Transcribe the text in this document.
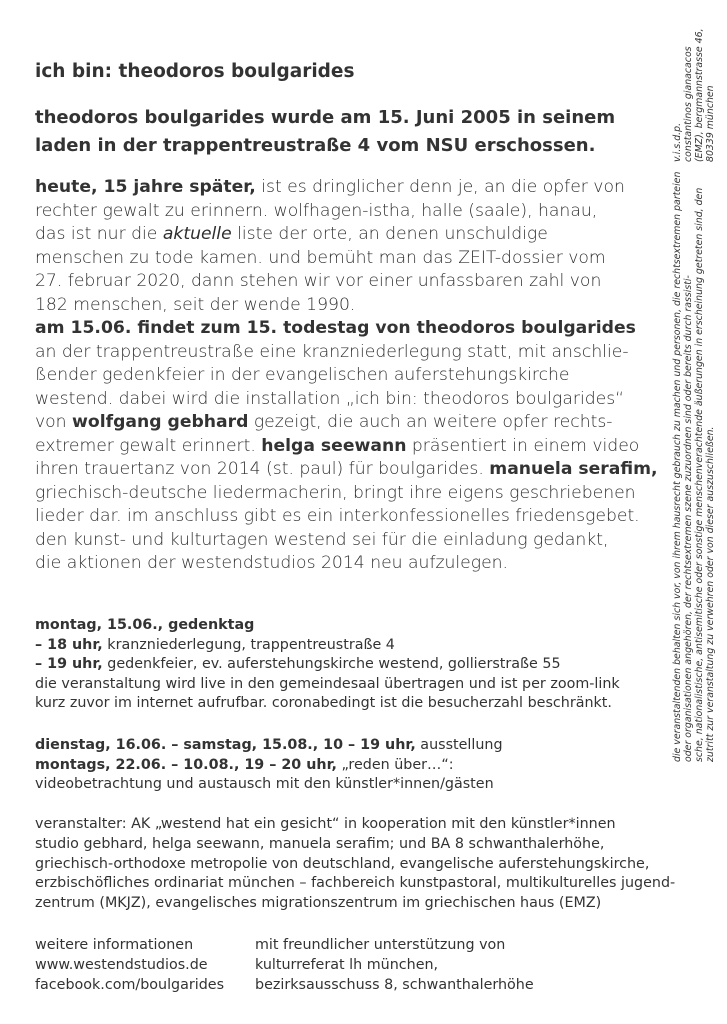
ich bin: theodoros boulgarides
theodoros boulgarides wurde am 15. Juni 2005 in seinem
laden in der trappentreustraße 4 vom NSU erschossen.
heute, 15 jahre später, ist es dringlicher denn je, an die opfer von
rechter gewalt zu erinnern. wolfhagen-istha, halle (saale), hanau,
das ist nur die aktuelle liste der orte, an denen unschuldige
menschen zu tode kamen. und bemüht man das ZEIT-dossier vom
27. februar 2020, dann stehen wir vor einer unfassbaren zahl von
182 menschen, seit der wende 1990.
am 15.06. findet zum 15. todestag von theodoros boulgarides
an der trappentreustraße eine kranzniederlegung statt, mit anschlie-
ßender gedenkfeier in der evangelischen auferstehungskirche
westend. dabei wird die installation „ich bin: theodoros boulgarides“
von wolfgang gebhard gezeigt, die auch an weitere opfer rechts-
extremer gewalt erinnert. helga seewann präsentiert in einem video
ihren trauertanz von 2014 (st. paul) für boulgarides. manuela serafim,
griechisch-deutsche liedermacherin, bringt ihre eigens geschriebenen
lieder dar. im anschluss gibt es ein interkonfessionelles friedensgebet.
den kunst- und kulturtagen westend sei für die einladung gedankt,
die aktionen der westendstudios 2014 neu aufzulegen.
montag, 15.06., gedenktag
– 18 uhr, kranzniederlegung, trappentreustraße 4
– 19 uhr, gedenkfeier, ev. auferstehungskirche westend, gollierstraße 55
die veranstaltung wird live in den gemeindesaal übertragen und ist per zoom-link
kurz zuvor im internet aufrufbar. coronabedingt ist die besucherzahl beschränkt.
dienstag, 16.06. – samstag, 15.08., 10 – 19 uhr, ausstellung
montags, 22.06. – 10.08., 19 – 20 uhr, „reden über…“:
videobetrachtung und austausch mit den künstler*innen/gästen
veranstalter: AK „westend hat ein gesicht“ in kooperation mit den künstler*innen
studio gebhard, helga seewann, manuela serafim; und BA 8 schwanthalerhöhe,
griechisch-orthodoxe metropolie von deutschland, evangelische auferstehungskirche,
erzbischöfliches ordinariat münchen – fachbereich kunstpastoral, multikulturelles jugend-
zentrum (MKJZ), evangelisches migrationszentrum im griechischen haus (EMZ)
weitere informationen
www.westendstudios.de
facebook.com/boulgarides
mit freundlicher unterstützung von
kulturreferat lh münchen,
bezirksausschuss 8, schwanthalerhöhe
die veranstaltenden behalten sich vor, von ihrem hausrecht gebrauch zu machen und personen, die rechtsextremen parteien oder organisationen angehören, der rechtsextremen szene zuzuordnen sind oder bereits durch rassisti- sche, nationalistische, antisemitische oder sonstige menschenverachtende äußerungen in erscheinung getreten sind, den zutritt zur veranstaltung zu verwehren oder von dieser auszuschließen.
v.i.s.d.p. constantinos gianacacos (EMZ), bergmannstrasse 46, 80339 münchen
